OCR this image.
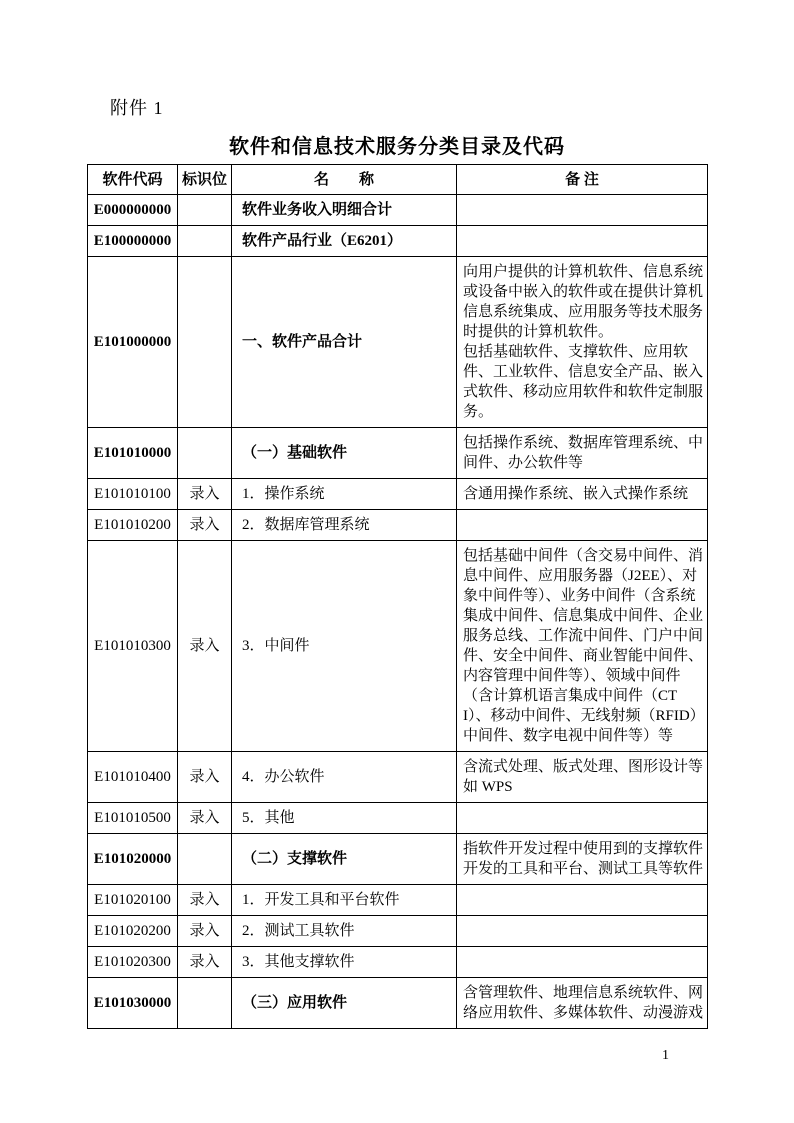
附件 1
软件和信息技术服务分类目录及代码
软件代码	标识位	名　　称	备 注
E000000000		软件业务收入明细合计	
E100000000		软件产品行业（E6201）	
E101000000		一、软件产品合计	向用户提供的计算机软件、信息系统或设备中嵌入的软件或在提供计算机信息系统集成、应用服务等技术服务时提供的计算机软件。
包括基础软件、支撑软件、应用软件、工业软件、信息安全产品、嵌入式软件、移动应用软件和软件定制服务。

E101010000		（一）基础软件	包括操作系统、数据库管理系统、中间件、办公软件等

E101010100	录入	1．操作系统	含通用操作系统、嵌入式操作系统

E101010200	录入	2．数据库管理系统	
E101010300	录入	3．中间件	包括基础中间件（含交易中间件、消息中间件、应用服务器（J2EE）、对象中间件等）、业务中间件（含系统集成中间件、信息集成中间件、企业服务总线、工作流中间件、门户中间件、安全中间件、商业智能中间件、内容管理中间件等）、领域中间件（含计算机语言集成中间件（CTI）、移动中间件、无线射频（RFID）中间件、数字电视中间件等）等

E101010400	录入	4．办公软件	含流式处理、版式处理、图形设计等如 WPS

E101010500	录入	5．其他	
E101020000		（二）支撑软件	指软件开发过程中使用到的支撑软件开发的工具和平台、测试工具等软件

E101020100	录入	1．开发工具和平台软件	
E101020200	录入	2．测试工具软件	
E101020300	录入	3．其他支撑软件	
E101030000		（三）应用软件	含管理软件、地理信息系统软件、网络应用软件、多媒体软件、动漫游戏
1
